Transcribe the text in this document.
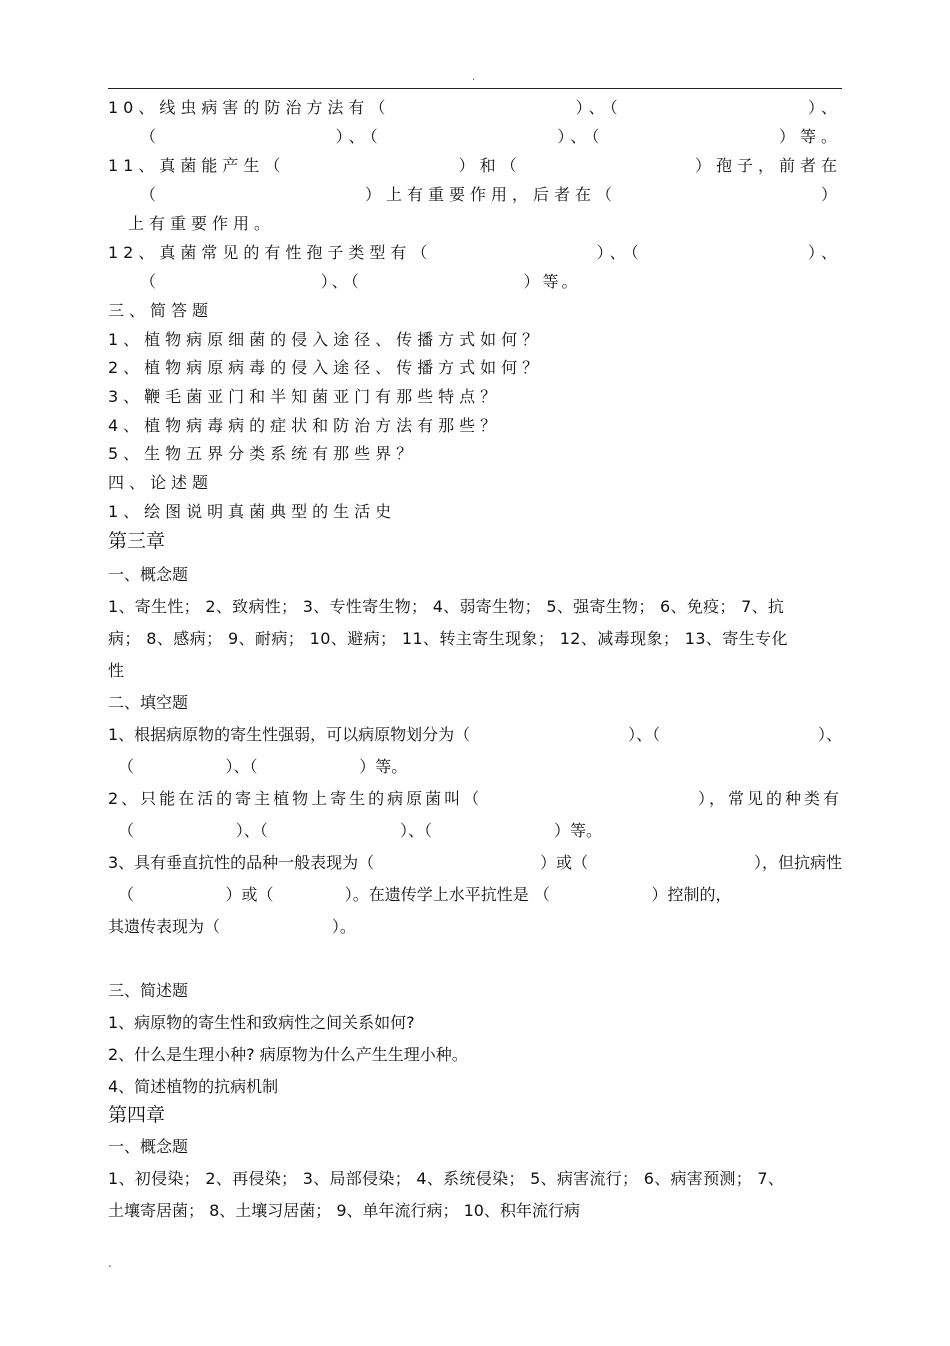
.
10、线虫病害的防治方法有（	）、（	）、
（	）、（	）、（	）等。
11、真菌能产生（	）和（	）孢子，前者在
（	）上有重要作用，后者在（	）
上有重要作用。
12、真菌常见的有性孢子类型有（	）、（	）、
（                    ）、（                    ）等。
三、简答题
1、植物病原细菌的侵入途径、传播方式如何？
2、植物病原病毒的侵入途径、传播方式如何？
3、鞭毛菌亚门和半知菌亚门有那些特点？
4、植物病毒病的症状和防治方法有那些？
5、生物五界分类系统有那些界？
四、论述题
1、绘图说明真菌典型的生活史
第三章
一、概念题
1、寄生性； 2、致病性； 3、专性寄生物； 4、弱寄生物； 5、强寄生物； 6、免疫； 7、抗
病； 8、感病； 9、耐病； 10、避病； 11、转主寄生现象； 12、减毒现象； 13、寄生专化
性
二、填空题
1、根据病原物的寄生性强弱，可以病原物划分为（	）、（	）、
（                  ）、（                    ）等。
2、只能在活的寄主植物上寄生的病原菌叫（	），常见的种类有
（                    ）、（                          ）、（                        ）等。
3、具有垂直抗性的品种一般表现为（	）或（	），但抗病性
（                  ）或（              ）。在遗传学上水平抗性是 （                    ）控制的，
其遗传表现为（                      ）。
三、简述题
1、病原物的寄生性和致病性之间关系如何?
2、什么是生理小种? 病原物为什么产生生理小种。
4、简述植物的抗病机制
第四章
一、概念题
1、初侵染； 2、再侵染； 3、局部侵染； 4、系统侵染； 5、病害流行； 6、病害预测； 7、
土壤寄居菌； 8、土壤习居菌； 9、单年流行病； 10、积年流行病
.
